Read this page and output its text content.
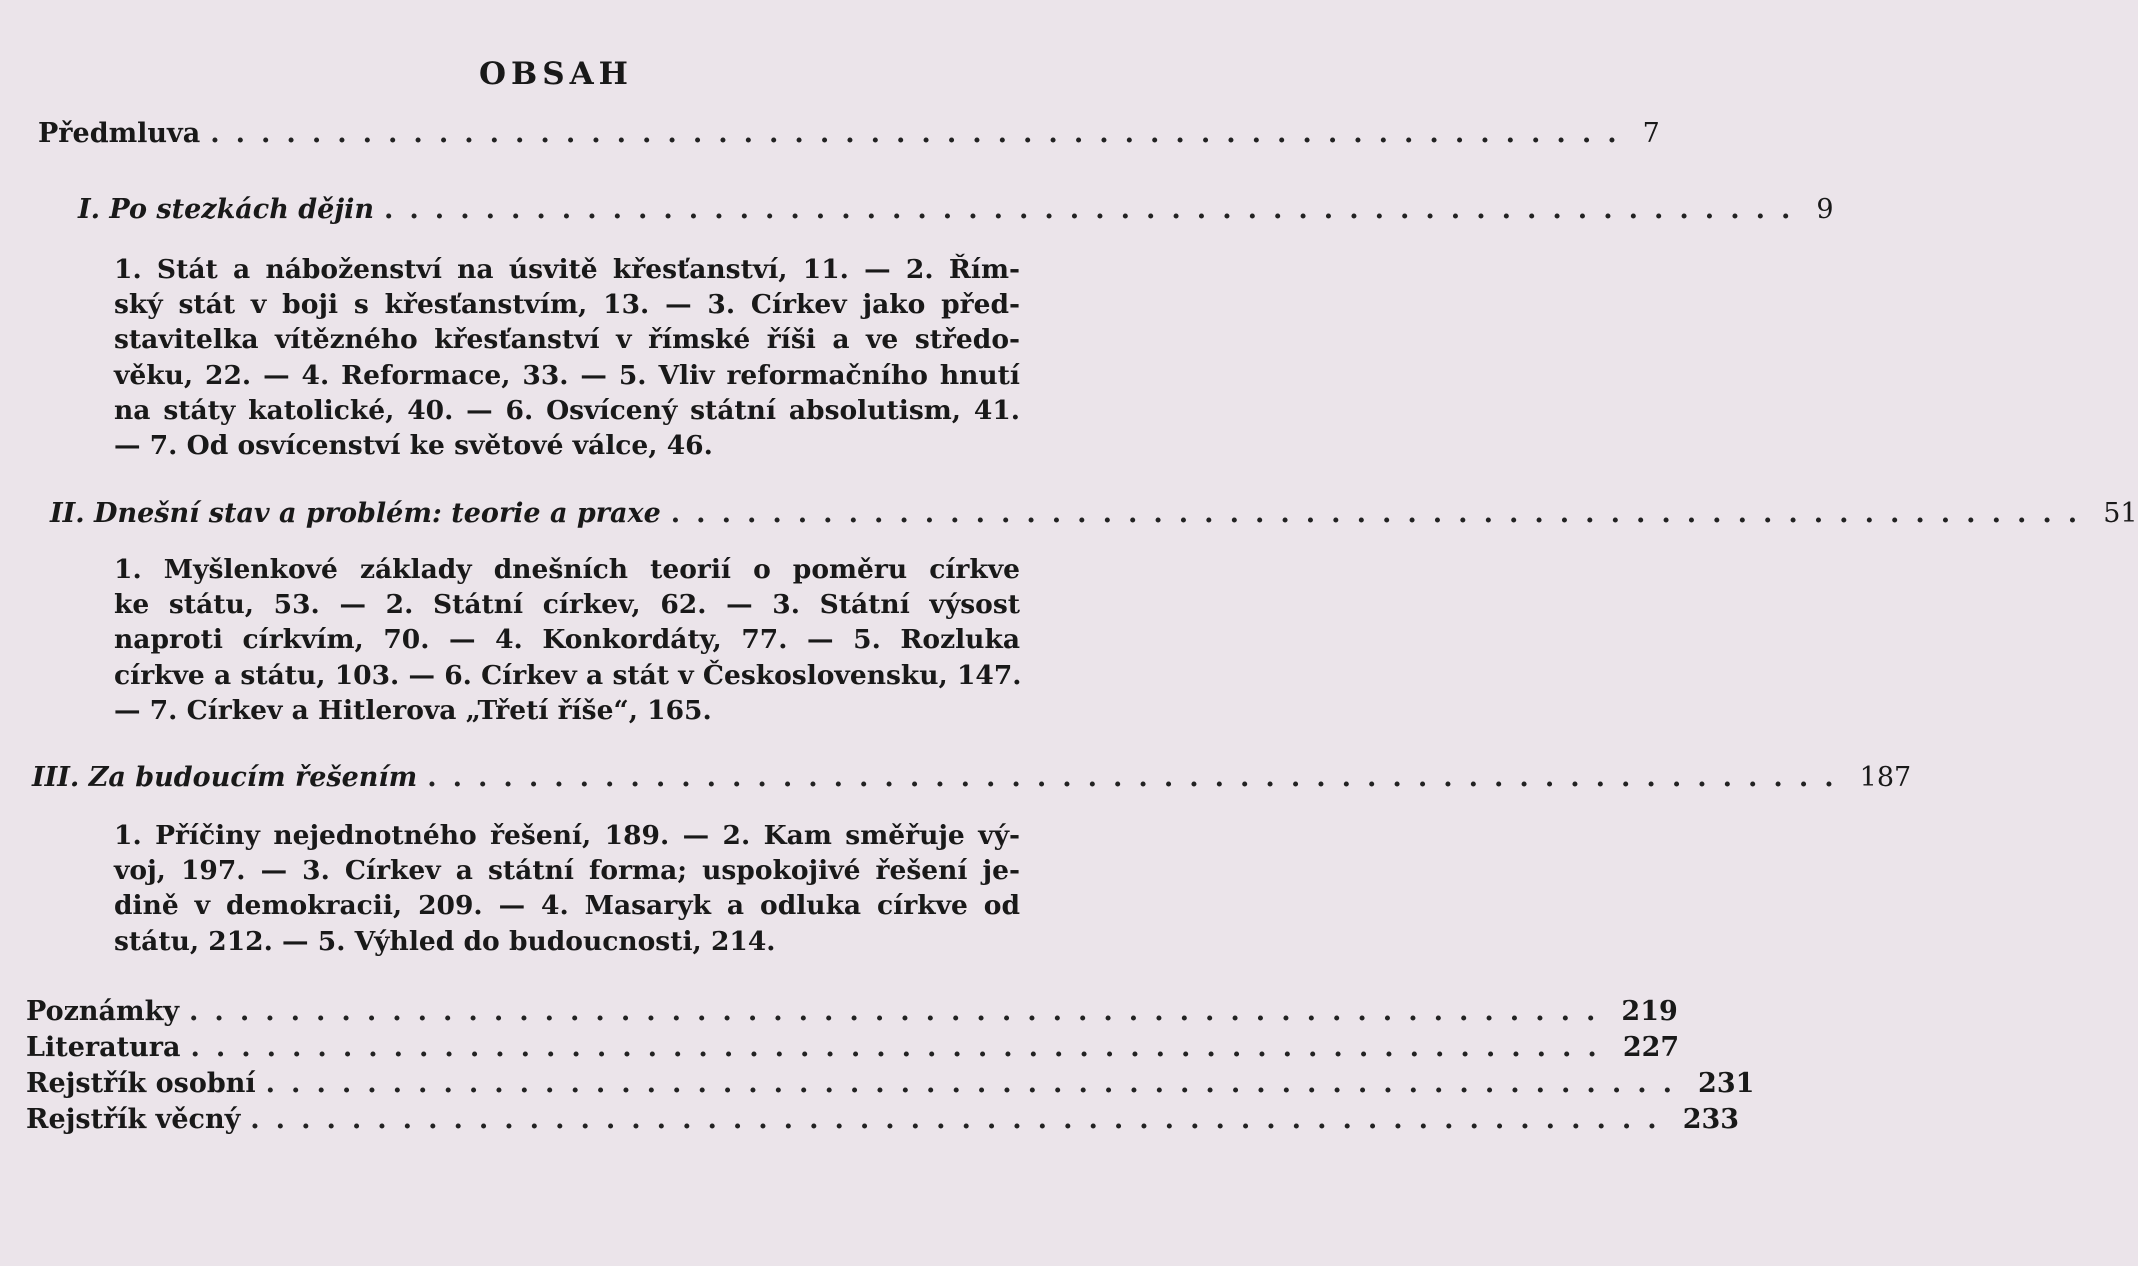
OBSAH
Předmluva ........................................................ 7
I. Po stezkách dějin ........................................................ 9
1. Stát a náboženství na úsvitě křesťanství, 11. — 2. Řím-
ský stát v boji s křesťanstvím, 13. — 3. Církev jako před-
stavitelka vítězného křesťanství v římské říši a ve středo-
věku, 22. — 4. Reformace, 33. — 5. Vliv reformačního hnutí
na státy katolické, 40. — 6. Osvícený státní absolutism, 41.
— 7. Od osvícenství ke světové válce, 46.
II. Dnešní stav a problém: teorie a praxe ........................................................ 51
1. Myšlenkové základy dnešních teorií o poměru církve
ke státu, 53. — 2. Státní církev, 62. — 3. Státní výsost
naproti církvím, 70. — 4. Konkordáty, 77. — 5. Rozluka
církve a státu, 103. — 6. Církev a stát v Československu, 147.
— 7. Církev a Hitlerova „Třetí říše“, 165.
III. Za budoucím řešením ........................................................ 187
1. Příčiny nejednotného řešení, 189. — 2. Kam směřuje vý-
voj, 197. — 3. Církev a státní forma; uspokojivé řešení je-
dině v demokracii, 209. — 4. Masaryk a odluka církve od
státu, 212. — 5. Výhled do budoucnosti, 214.
Poznámky ........................................................ 219
Literatura ........................................................ 227
Rejstřík osobní ........................................................ 231
Rejstřík věcný ........................................................ 233
